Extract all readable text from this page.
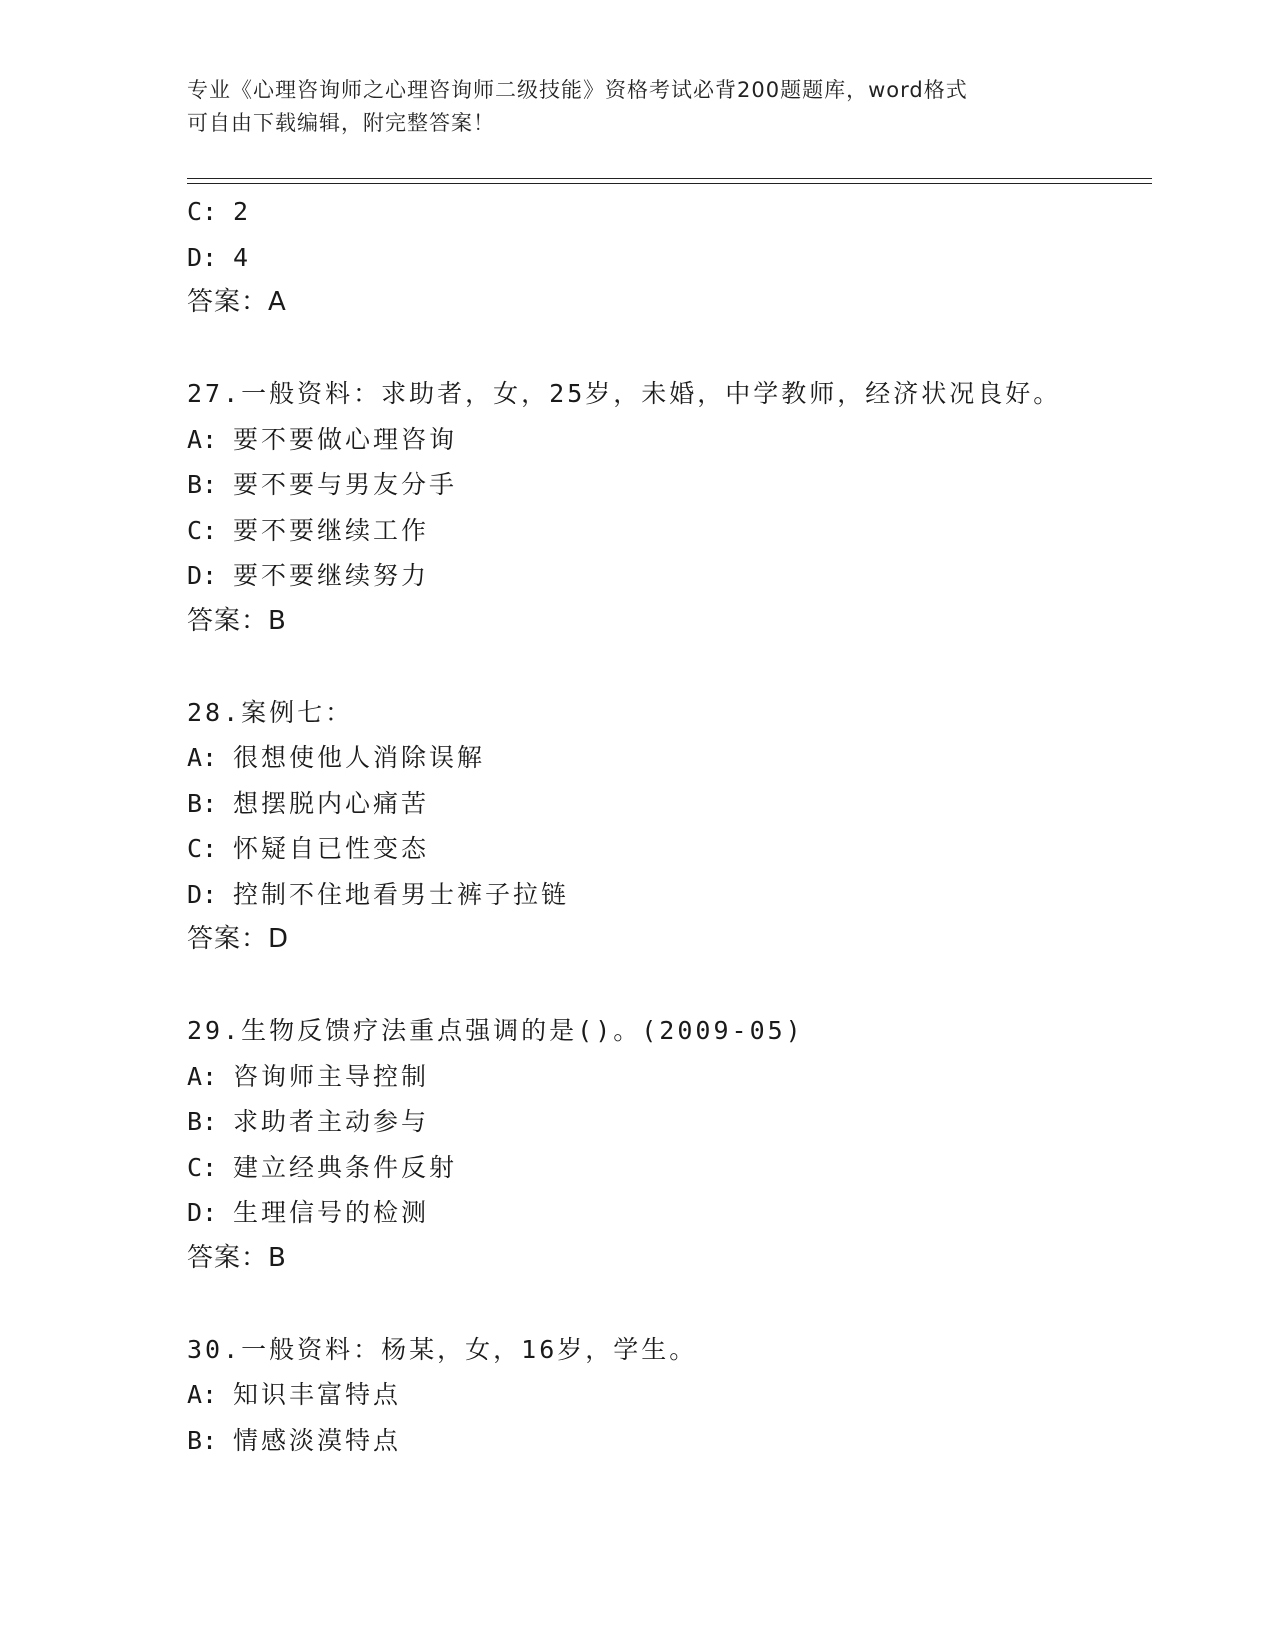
专业《心理咨询师之心理咨询师二级技能》资格考试必背200题题库，word格式
可自由下载编辑，附完整答案！
C: 2
D: 4
答案：A
27.一般资料：求助者，女，25岁，未婚，中学教师，经济状况良好。
A: 要不要做心理咨询
B: 要不要与男友分手
C: 要不要继续工作
D: 要不要继续努力
答案：B
28.案例七：
A: 很想使他人消除误解
B: 想摆脱内心痛苦
C: 怀疑自已性变态
D: 控制不住地看男士裤子拉链
答案：D
29.生物反馈疗法重点强调的是()。(2009-05)
A: 咨询师主导控制
B: 求助者主动参与
C: 建立经典条件反射
D: 生理信号的检测
答案：B
30.一般资料：杨某，女，16岁，学生。
A: 知识丰富特点
B: 情感淡漠特点
